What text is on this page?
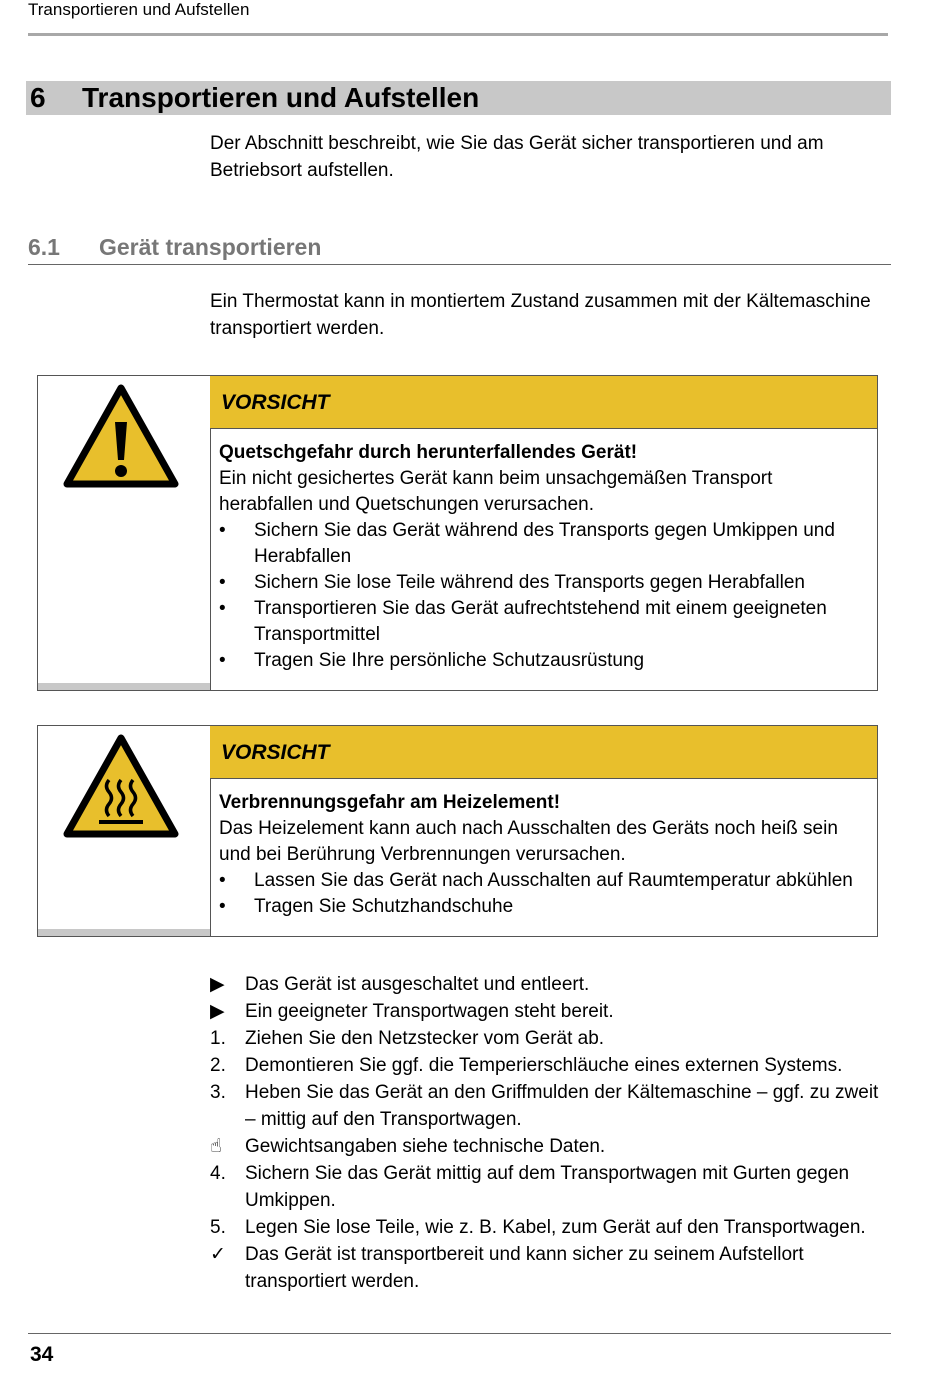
Transportieren und Aufstellen
6 Transportieren und Aufstellen
Der Abschnitt beschreibt, wie Sie das Gerät sicher transportieren und am Betriebsort aufstellen.
6.1 Gerät transportieren
Ein Thermostat kann in montiertem Zustand zusammen mit der Kältemaschine transportiert werden.
VORSICHT
Quetschgefahr durch herunterfallendes Gerät!
Ein nicht gesichertes Gerät kann beim unsachgemäßen Transport herabfallen und Quetschungen verursachen.
•	Sichern Sie das Gerät während des Transports gegen Umkippen und Herabfallen
•	Sichern Sie lose Teile während des Transports gegen Herabfallen
•	Transportieren Sie das Gerät aufrechtstehend mit einem geeigneten Transportmittel
•	Tragen Sie Ihre persönliche Schutzausrüstung
VORSICHT
Verbrennungsgefahr am Heizelement!
Das Heizelement kann auch nach Ausschalten des Geräts noch heiß sein und bei Berührung Verbrennungen verursachen.
•	Lassen Sie das Gerät nach Ausschalten auf Raumtemperatur abkühlen
•	Tragen Sie Schutzhandschuhe
▶	Das Gerät ist ausgeschaltet und entleert.
▶	Ein geeigneter Transportwagen steht bereit.
1.	Ziehen Sie den Netzstecker vom Gerät ab.
2.	Demontieren Sie ggf. die Temperierschläuche eines externen Systems.
3.	Heben Sie das Gerät an den Griffmulden der Kältemaschine – ggf. zu zweit – mittig auf den Transportwagen.
☝	Gewichtsangaben siehe technische Daten.
4.	Sichern Sie das Gerät mittig auf dem Transportwagen mit Gurten gegen Umkippen.
5.	Legen Sie lose Teile, wie z. B. Kabel, zum Gerät auf den Transportwagen.
✓	Das Gerät ist transportbereit und kann sicher zu seinem Aufstellort transportiert werden.
34
